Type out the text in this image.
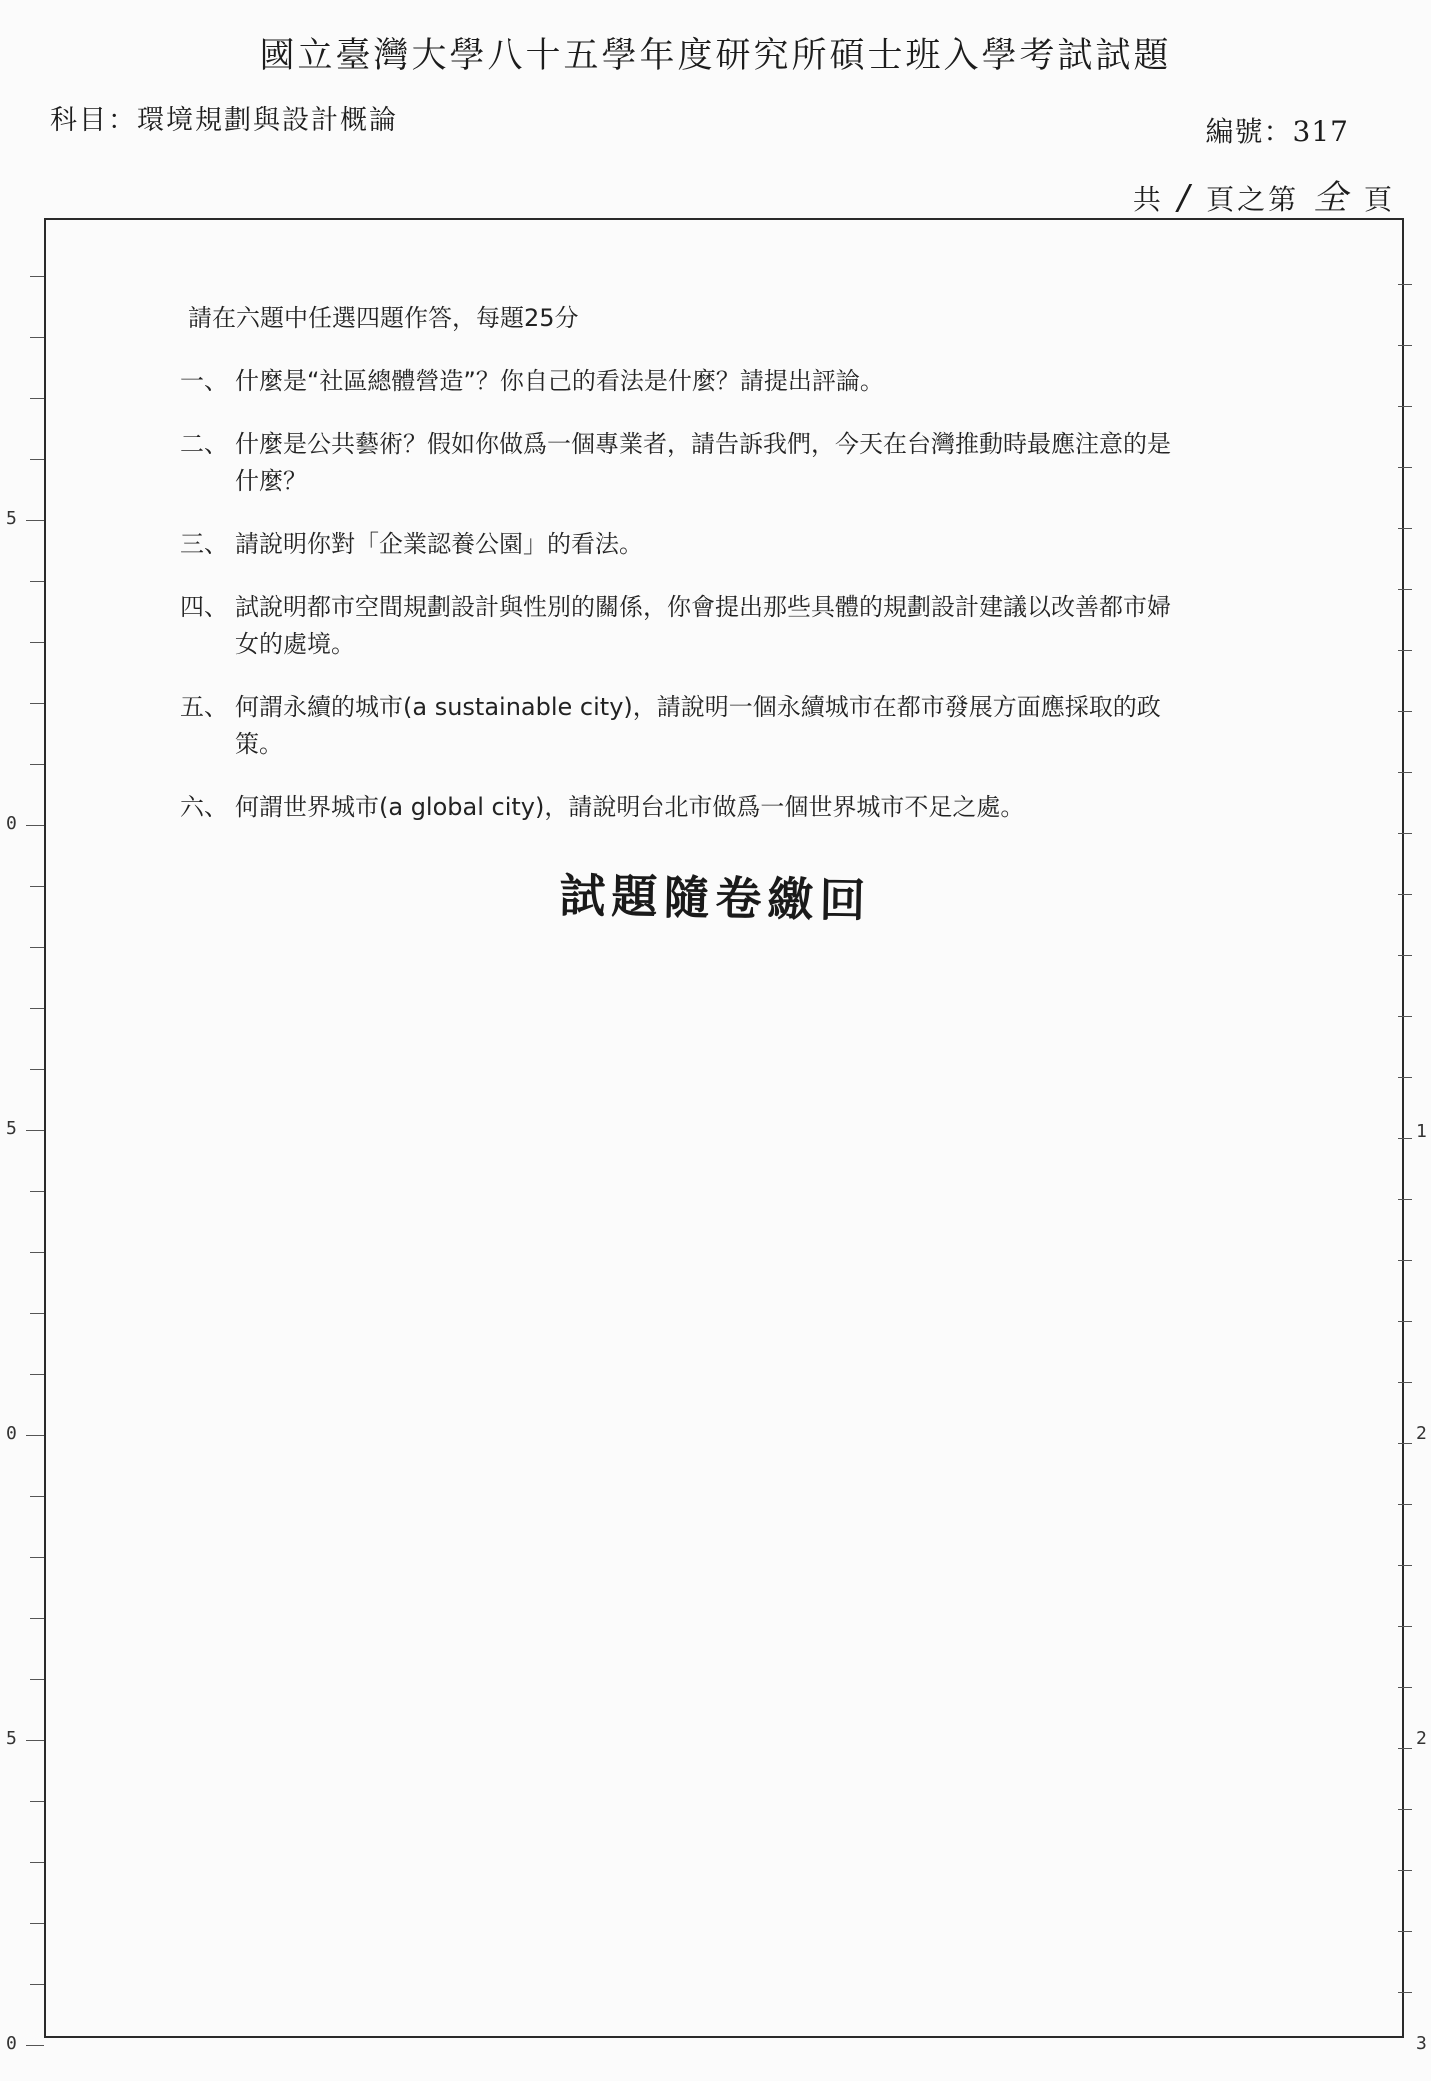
國立臺灣大學八十五學年度研究所碩士班入學考試試題
科目：環境規劃與設計概論	編號：317
共 / 頁之第 全 頁
請在六題中任選四題作答，每題25分
一、 什麼是“社區總體營造”？你自己的看法是什麼？請提出評論。
二、 什麼是公共藝術？假如你做爲一個專業者，請告訴我們，今天在台灣推動時最應注意的是什麼？
三、 請說明你對「企業認養公園」的看法。
四、 試說明都市空間規劃設計與性別的關係，你會提出那些具體的規劃設計建議以改善都市婦女的處境。
五、 何謂永續的城市(a sustainable city)，請說明一個永續城市在都市發展方面應採取的政策。
六、 何謂世界城市(a global city)，請說明台北市做爲一個世界城市不足之處。
試題隨卷繳回
5
0
5
0
5
0
1
2
2
3
